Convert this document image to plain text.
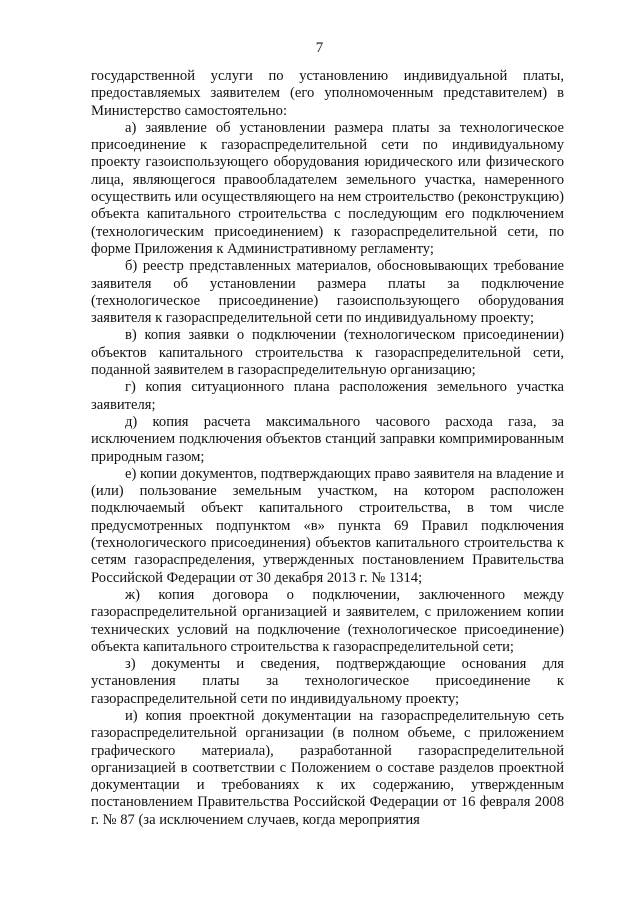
7

государственной услуги по установлению индивидуальной платы, предоставляемых заявителем (его уполномоченным представителем) в Министерство самостоятельно:

а) заявление об установлении размера платы за технологическое присоединение к газораспределительной сети по индивидуальному проекту газоиспользующего оборудования юридического или физического лица, являющегося правообладателем земельного участка, намеренного осуществить или осуществляющего на нем строительство (реконструкцию) объекта капитального строительства с последующим его подключением (технологическим присоединением) к газораспределительной сети, по форме Приложения к Административному регламенту;

б) реестр представленных материалов, обосновывающих требование заявителя об установлении размера платы за подключение (технологическое присоединение) газоиспользующего оборудования заявителя к газораспределительной сети по индивидуальному проекту;

в) копия заявки о подключении (технологическом присоединении) объектов капитального строительства к газораспределительной сети, поданной заявителем в газораспределительную организацию;

г) копия ситуационного плана расположения земельного участка заявителя;

д) копия расчета максимального часового расхода газа, за исключением подключения объектов станций заправки компримированным природным газом;

е) копии документов, подтверждающих право заявителя на владение и (или) пользование земельным участком, на котором расположен подключаемый объект капитального строительства, в том числе предусмотренных подпунктом «в» пункта 69 Правил подключения (технологического присоединения) объектов капитального строительства к сетям газораспределения, утвержденных постановлением Правительства Российской Федерации от 30 декабря 2013 г. № 1314;

ж) копия договора о подключении, заключенного между газораспределительной организацией и заявителем, с приложением копии технических условий на подключение (технологическое присоединение) объекта капитального строительства к газораспределительной сети;

з) документы и сведения, подтверждающие основания для установления платы за технологическое присоединение к газораспределительной сети по индивидуальному проекту;

и) копия проектной документации на газораспределительную сеть газораспределительной организации (в полном объеме, с приложением графического материала), разработанной газораспределительной организацией в соответствии с Положением о составе разделов проектной документации и требованиях к их содержанию, утвержденным постановлением Правительства Российской Федерации от 16 февраля 2008 г. № 87 (за исключением случаев, когда мероприятия
